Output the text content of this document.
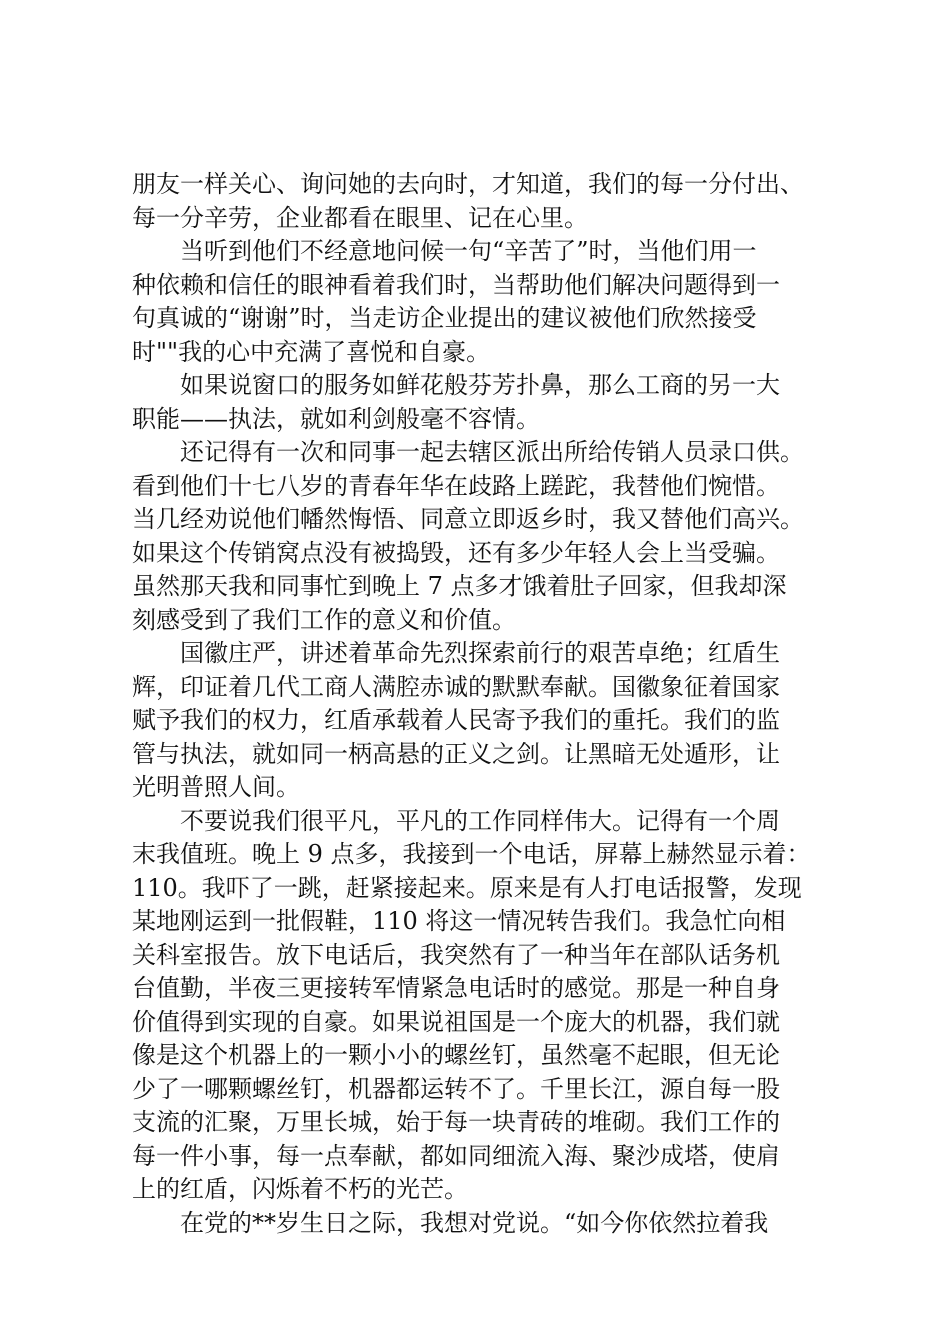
朋友一样关心、询问她的去向时，才知道，我们的每一分付出、
每一分辛劳，企业都看在眼里、记在心里。
　　当听到他们不经意地问候一句“辛苦了”时，当他们用一
种依赖和信任的眼神看着我们时，当帮助他们解决问题得到一
句真诚的“谢谢”时，当走访企业提出的建议被他们欣然接受
时""我的心中充满了喜悦和自豪。
　　如果说窗口的服务如鲜花般芬芳扑鼻，那么工商的另一大
职能——执法，就如利剑般毫不容情。
　　还记得有一次和同事一起去辖区派出所给传销人员录口供。
看到他们十七八岁的青春年华在歧路上蹉跎，我替他们惋惜。
当几经劝说他们幡然悔悟、同意立即返乡时，我又替他们高兴。
如果这个传销窝点没有被捣毁，还有多少年轻人会上当受骗。
虽然那天我和同事忙到晚上 7 点多才饿着肚子回家，但我却深
刻感受到了我们工作的意义和价值。
　　国徽庄严，讲述着革命先烈探索前行的艰苦卓绝；红盾生
辉，印证着几代工商人满腔赤诚的默默奉献。国徽象征着国家
赋予我们的权力，红盾承载着人民寄予我们的重托。我们的监
管与执法，就如同一柄高悬的正义之剑。让黑暗无处遁形，让
光明普照人间。
　　不要说我们很平凡，平凡的工作同样伟大。记得有一个周
末我值班。晚上 9 点多，我接到一个电话，屏幕上赫然显示着：
110。我吓了一跳，赶紧接起来。原来是有人打电话报警，发现
某地刚运到一批假鞋，110 将这一情况转告我们。我急忙向相
关科室报告。放下电话后，我突然有了一种当年在部队话务机
台值勤，半夜三更接转军情紧急电话时的感觉。那是一种自身
价值得到实现的自豪。如果说祖国是一个庞大的机器，我们就
像是这个机器上的一颗小小的螺丝钉，虽然毫不起眼，但无论
少了一哪颗螺丝钉，机器都运转不了。千里长江，源自每一股
支流的汇聚，万里长城，始于每一块青砖的堆砌。我们工作的
每一件小事，每一点奉献，都如同细流入海、聚沙成塔，使肩
上的红盾，闪烁着不朽的光芒。
　　在党的**岁生日之际，我想对党说。“如今你依然拉着我
